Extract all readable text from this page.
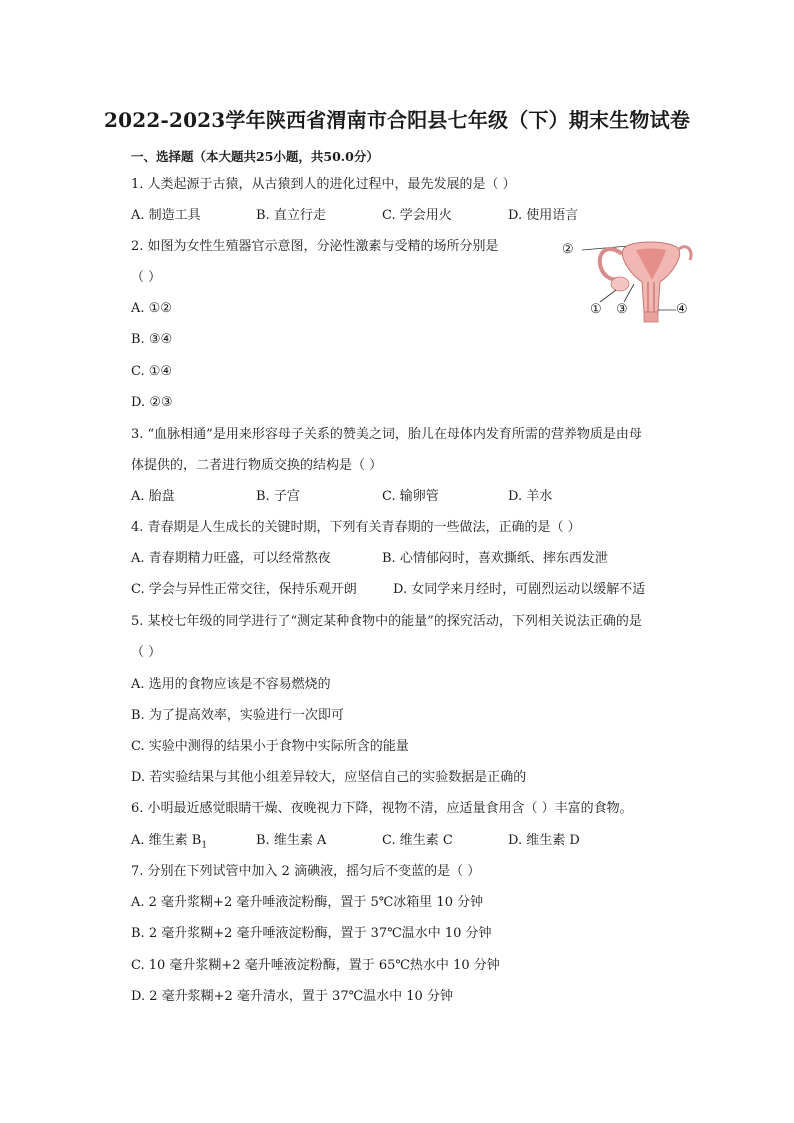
2022-2023学年陕西省渭南市合阳县七年级（下）期末生物试卷
一、选择题（本大题共25小题，共50.0分）
1. 人类起源于古猿，从古猿到人的进化过程中，最先发展的是（ ）
A. 制造工具	B. 直立行走	C. 学会用火	D. 使用语言
2. 如图为女性生殖器官示意图，分泌性激素与受精的场所分别是
（ ）
A. ①②
B. ③④
C. ①④
D. ②③
②
① ③	④
3. “血脉相通”是用来形容母子关系的赞美之词，胎儿在母体内发育所需的营养物质是由母
体提供的，二者进行物质交换的结构是（ ）
A. 胎盘	B. 子宫	C. 输卵管	D. 羊水
4. 青春期是人生成长的关键时期，下列有关青春期的一些做法，正确的是（ ）
A. 青春期精力旺盛，可以经常熬夜	B. 心情郁闷时，喜欢撕纸、摔东西发泄
C. 学会与异性正常交往，保持乐观开朗	D. 女同学来月经时，可剧烈运动以缓解不适
5. 某校七年级的同学进行了“测定某种食物中的能量”的探究活动，下列相关说法正确的是
（ ）
A. 选用的食物应该是不容易燃烧的
B. 为了提高效率，实验进行一次即可
C. 实验中测得的结果小于食物中实际所含的能量
D. 若实验结果与其他小组差异较大，应坚信自己的实验数据是正确的
6. 小明最近感觉眼睛干燥、夜晚视力下降，视物不清，应适量食用含（ ）丰富的食物。
A. 维生素 $B_1$	B. 维生素 A	C. 维生素 C	D. 维生素 D
7. 分别在下列试管中加入 2 滴碘液，摇匀后不变蓝的是（ ）
A. 2 毫升浆糊+2 毫升唾液淀粉酶，置于 5℃冰箱里 10 分钟
B. 2 毫升浆糊+2 毫升唾液淀粉酶，置于 37℃温水中 10 分钟
C. 10 毫升浆糊+2 毫升唾液淀粉酶，置于 65℃热水中 10 分钟
D. 2 毫升浆糊+2 毫升清水，置于 37℃温水中 10 分钟
